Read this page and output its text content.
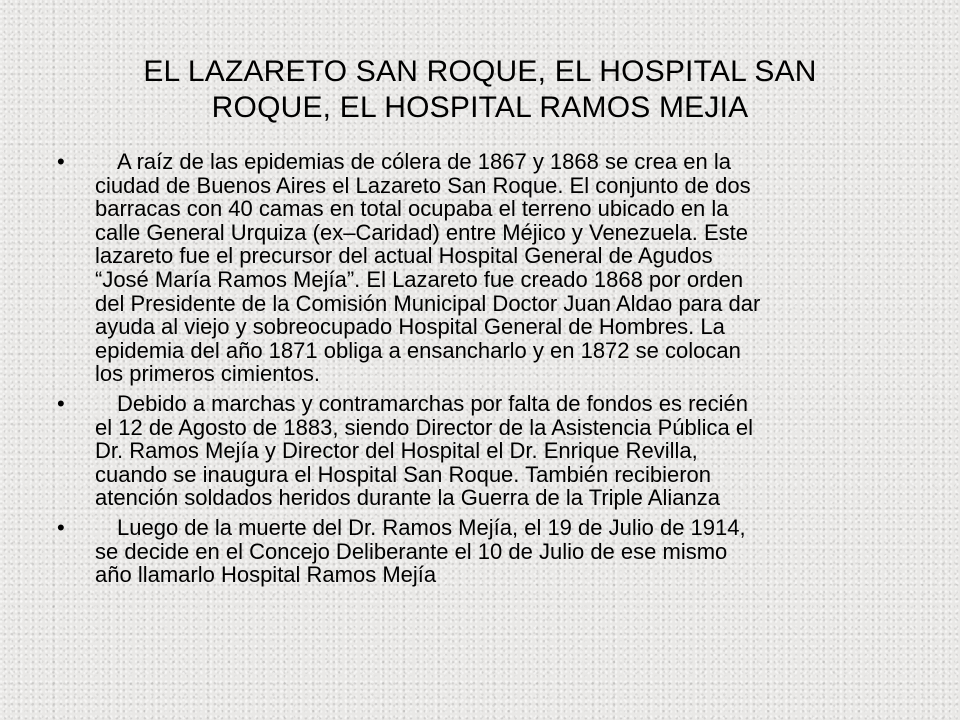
EL LAZARETO SAN ROQUE, EL HOSPITAL SAN
ROQUE, EL HOSPITAL RAMOS MEJIA
•	A raíz de las epidemias de cólera de 1867 y 1868 se crea en la
ciudad de Buenos Aires el Lazareto San Roque. El conjunto de dos
barracas con 40 camas en total ocupaba el terreno ubicado en la
calle General Urquiza (ex–Caridad) entre Méjico y Venezuela. Este
lazareto fue el precursor del actual Hospital General de Agudos
“José María Ramos Mejía”. El Lazareto fue creado 1868 por orden
del Presidente de la Comisión Municipal Doctor Juan Aldao para dar
ayuda al viejo y sobreocupado Hospital General de Hombres. La
epidemia del año 1871 obliga a ensancharlo y en 1872 se colocan
los primeros cimientos.
•	Debido a marchas y contramarchas por falta de fondos es recién
el 12 de Agosto de 1883, siendo Director de la Asistencia Pública el
Dr. Ramos Mejía y Director del Hospital el Dr. Enrique Revilla,
cuando se inaugura el Hospital San Roque. También recibieron
atención soldados heridos durante la Guerra de la Triple Alianza
•	Luego de la muerte del Dr. Ramos Mejía, el 19 de Julio de 1914,
se decide en el Concejo Deliberante el 10 de Julio de ese mismo
año llamarlo Hospital Ramos Mejía
